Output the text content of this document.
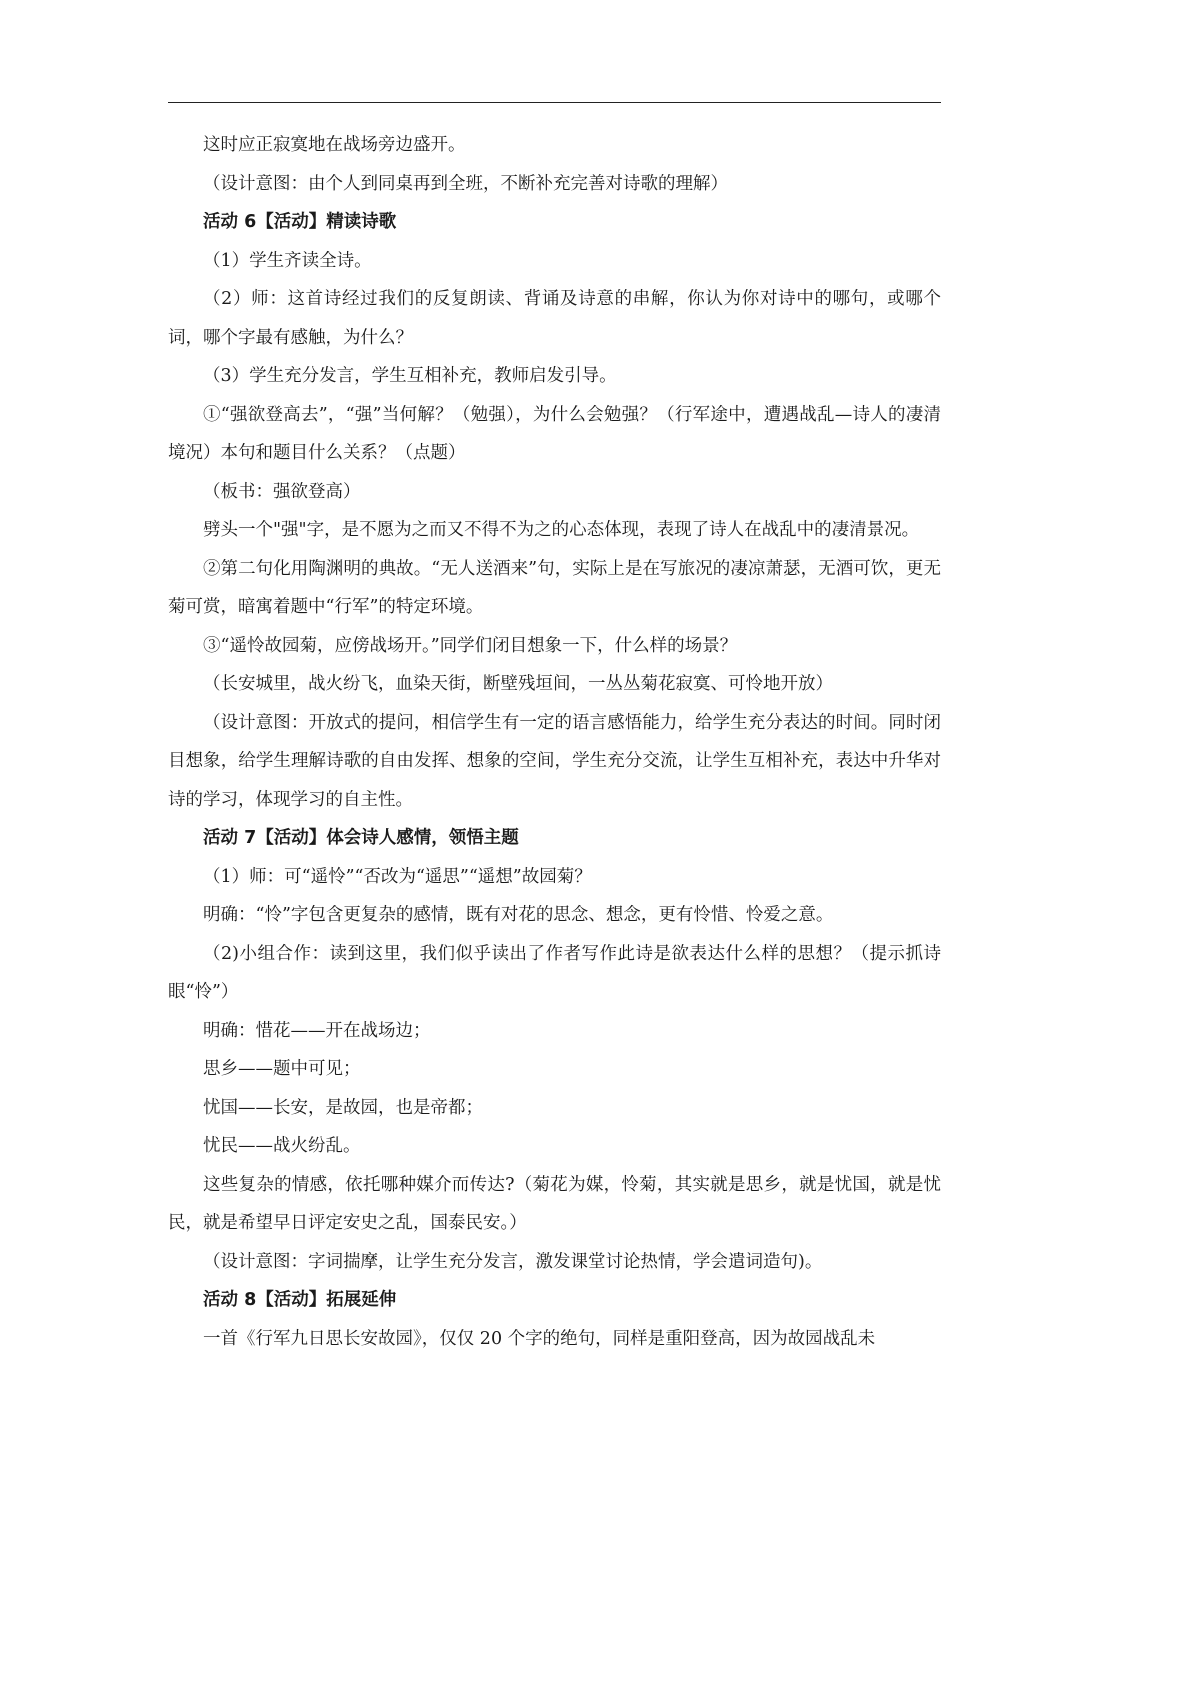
这时应正寂寞地在战场旁边盛开。

（设计意图：由个人到同桌再到全班，不断补充完善对诗歌的理解）

活动 6【活动】精读诗歌

（1）学生齐读全诗。

（2）师：这首诗经过我们的反复朗读、背诵及诗意的串解，你认为你对诗中的哪句，或哪个词，哪个字最有感触，为什么？

（3）学生充分发言，学生互相补充，教师启发引导。

①“强欲登高去”，“强”当何解？（勉强），为什么会勉强？（行军途中，遭遇战乱—诗人的凄清境况）本句和题目什么关系？（点题）

（板书：强欲登高）

劈头一个"强"字，是不愿为之而又不得不为之的心态体现，表现了诗人在战乱中的凄清景况。

②第二句化用陶渊明的典故。“无人送酒来”句，实际上是在写旅况的凄凉萧瑟，无酒可饮，更无菊可赏，暗寓着题中“行军”的特定环境。

③“遥怜故园菊，应傍战场开。”同学们闭目想象一下，什么样的场景？

（长安城里，战火纷飞，血染天街，断壁残垣间，一丛丛菊花寂寞、可怜地开放）

（设计意图：开放式的提问，相信学生有一定的语言感悟能力，给学生充分表达的时间。同时闭目想象，给学生理解诗歌的自由发挥、想象的空间，学生充分交流，让学生互相补充，表达中升华对诗的学习，体现学习的自主性。

活动 7【活动】体会诗人感情，领悟主题

（1）师：可“遥怜”“否改为“遥思”“遥想”故园菊？

明确：“怜”字包含更复杂的感情，既有对花的思念、想念，更有怜惜、怜爱之意。

（2)小组合作：读到这里，我们似乎读出了作者写作此诗是欲表达什么样的思想？（提示抓诗眼“怜”）

明确：惜花——开在战场边；

思乡——题中可见；

忧国——长安，是故园，也是帝都；

忧民——战火纷乱。

这些复杂的情感，依托哪种媒介而传达?（菊花为媒，怜菊，其实就是思乡，就是忧国，就是忧民，就是希望早日评定安史之乱，国泰民安。）

（设计意图：字词揣摩，让学生充分发言，激发课堂讨论热情，学会遣词造句)。

活动 8【活动】拓展延伸

一首《行军九日思长安故园》，仅仅 20 个字的绝句，同样是重阳登高，因为故园战乱未
